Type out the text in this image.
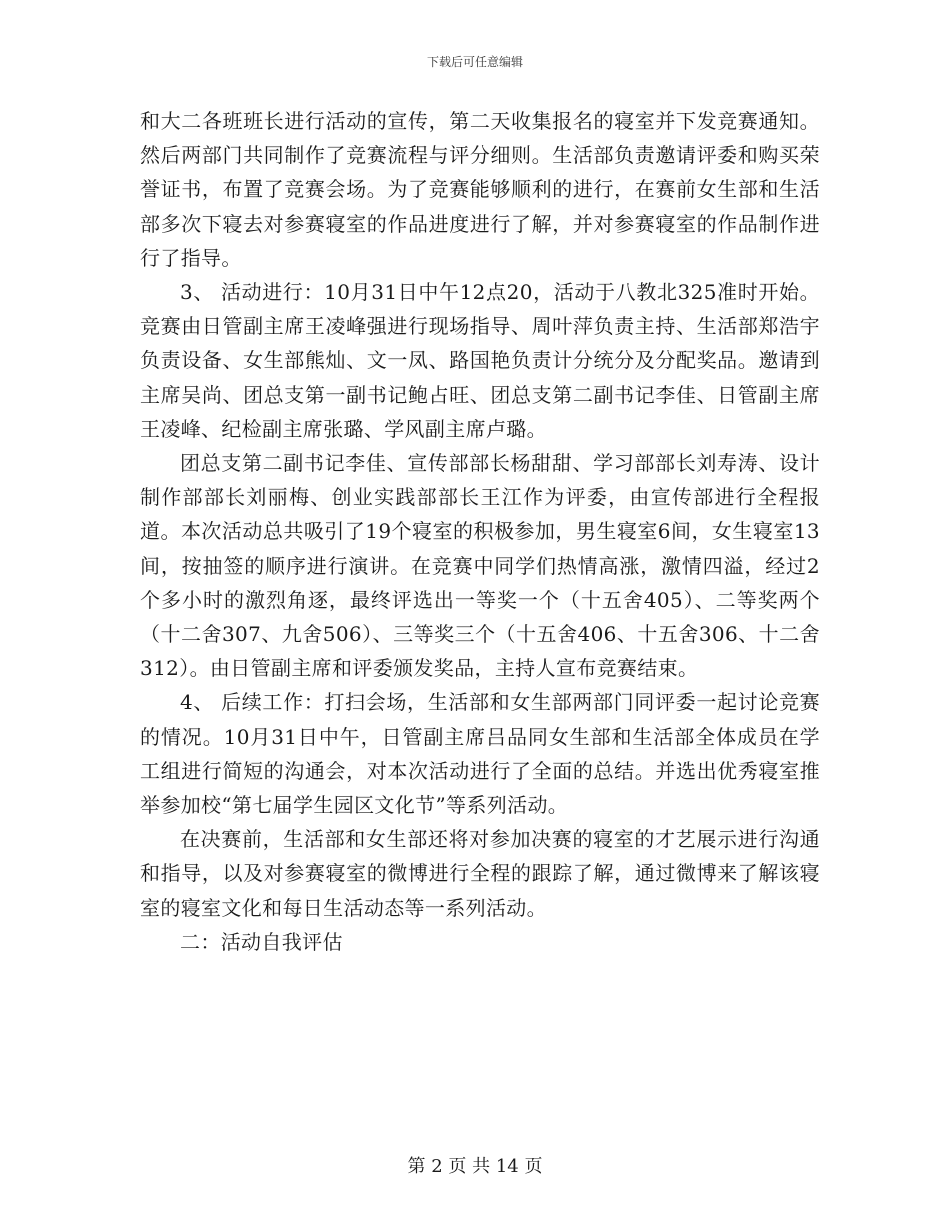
下载后可任意编辑

和大二各班班长进行活动的宣传，第二天收集报名的寝室并下发竞赛通知。然后两部门共同制作了竞赛流程与评分细则。生活部负责邀请评委和购买荣誉证书，布置了竞赛会场。为了竞赛能够顺利的进行，在赛前女生部和生活部多次下寝去对参赛寝室的作品进度进行了解，并对参赛寝室的作品制作进行了指导。

3、 活动进行：10月31日中午12点20，活动于八教北325准时开始。竞赛由日管副主席王凌峰强进行现场指导、周叶萍负责主持、生活部郑浩宇负责设备、女生部熊灿、文一凤、路国艳负责计分统分及分配奖品。邀请到主席吴尚、团总支第一副书记鲍占旺、团总支第二副书记李佳、日管副主席王凌峰、纪检副主席张璐、学风副主席卢璐。

团总支第二副书记李佳、宣传部部长杨甜甜、学习部部长刘寿涛、设计制作部部长刘丽梅、创业实践部部长王江作为评委，由宣传部进行全程报道。本次活动总共吸引了19个寝室的积极参加，男生寝室6间，女生寝室13间，按抽签的顺序进行演讲。在竞赛中同学们热情高涨，激情四溢，经过2个多小时的激烈角逐，最终评选出一等奖一个（十五舍405）、二等奖两个（十二舍307、九舍506）、三等奖三个（十五舍406、十五舍306、十二舍312）。由日管副主席和评委颁发奖品，主持人宣布竞赛结束。

4、 后续工作：打扫会场，生活部和女生部两部门同评委一起讨论竞赛的情况。10月31日中午，日管副主席吕品同女生部和生活部全体成员在学工组进行简短的沟通会，对本次活动进行了全面的总结。并选出优秀寝室推举参加校“第七届学生园区文化节”等系列活动。

在决赛前，生活部和女生部还将对参加决赛的寝室的才艺展示进行沟通和指导，以及对参赛寝室的微博进行全程的跟踪了解，通过微博来了解该寝室的寝室文化和每日生活动态等一系列活动。

二：活动自我评估

第 2 页 共 14 页
